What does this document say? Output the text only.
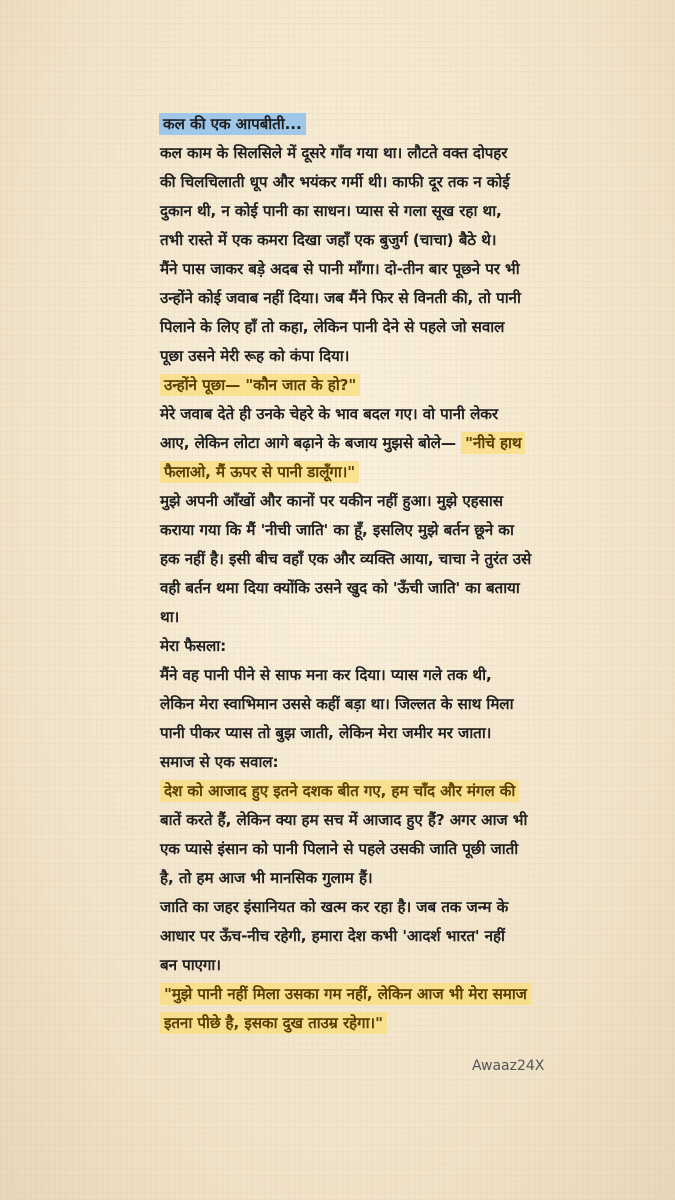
कल की एक आपबीती...
कल काम के सिलसिले में दूसरे गाँव गया था। लौटते वक्त दोपहर
की चिलचिलाती धूप और भयंकर गर्मी थी। काफी दूर तक न कोई
दुकान थी, न कोई पानी का साधन। प्यास से गला सूख रहा था,
तभी रास्ते में एक कमरा दिखा जहाँ एक बुजुर्ग (चाचा) बैठे थे।
मैंने पास जाकर बड़े अदब से पानी माँगा। दो-तीन बार पूछने पर भी
उन्होंने कोई जवाब नहीं दिया। जब मैंने फिर से विनती की, तो पानी
पिलाने के लिए हाँ तो कहा, लेकिन पानी देने से पहले जो सवाल
पूछा उसने मेरी रूह को कंपा दिया।
उन्होंने पूछा— "कौन जात के हो?"
मेरे जवाब देते ही उनके चेहरे के भाव बदल गए। वो पानी लेकर
आए, लेकिन लोटा आगे बढ़ाने के बजाय मुझसे बोले— "नीचे हाथ
फैलाओ, मैं ऊपर से पानी डालूँगा।"
मुझे अपनी आँखों और कानों पर यकीन नहीं हुआ। मुझे एहसास
कराया गया कि मैं 'नीची जाति' का हूँ, इसलिए मुझे बर्तन छूने का
हक नहीं है। इसी बीच वहाँ एक और व्यक्ति आया, चाचा ने तुरंत उसे
वही बर्तन थमा दिया क्योंकि उसने खुद को 'ऊँची जाति' का बताया
था।
मेरा फैसला:
मैंने वह पानी पीने से साफ मना कर दिया। प्यास गले तक थी,
लेकिन मेरा स्वाभिमान उससे कहीं बड़ा था। जिल्लत के साथ मिला
पानी पीकर प्यास तो बुझ जाती, लेकिन मेरा जमीर मर जाता।
समाज से एक सवाल:
देश को आजाद हुए इतने दशक बीत गए, हम चाँद और मंगल की
बातें करते हैं, लेकिन क्या हम सच में आजाद हुए हैं? अगर आज भी
एक प्यासे इंसान को पानी पिलाने से पहले उसकी जाति पूछी जाती
है, तो हम आज भी मानसिक गुलाम हैं।
जाति का जहर इंसानियत को खत्म कर रहा है। जब तक जन्म के
आधार पर ऊँच-नीच रहेगी, हमारा देश कभी 'आदर्श भारत' नहीं
बन पाएगा।
"मुझे पानी नहीं मिला उसका गम नहीं, लेकिन आज भी मेरा समाज
इतना पीछे है, इसका दुख ताउम्र रहेगा।"
Awaaz24X
